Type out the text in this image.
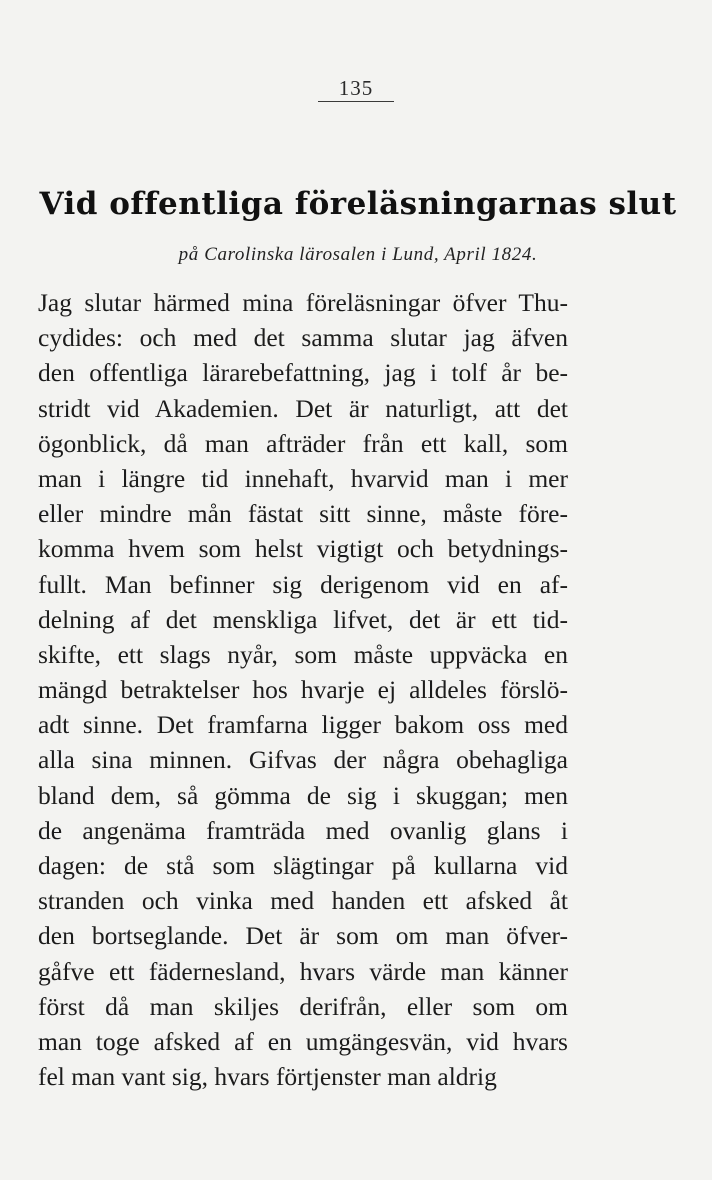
135
Vid offentliga föreläsningarnas slut
på Carolinska lärosalen i Lund, April 1824.
Jag slutar härmed mina föreläsningar öfver Thu-
cydides: och med det samma slutar jag äfven
den offentliga lärarebefattning, jag i tolf år be-
stridt vid Akademien. Det är naturligt, att det
ögonblick, då man afträder från ett kall, som
man i längre tid innehaft, hvarvid man i mer
eller mindre mån fästat sitt sinne, måste före-
komma hvem som helst vigtigt och betydnings-
fullt. Man befinner sig derigenom vid en af-
delning af det menskliga lifvet, det är ett tid-
skifte, ett slags nyår, som måste uppväcka en
mängd betraktelser hos hvarje ej alldeles förslö-
adt sinne. Det framfarna ligger bakom oss med
alla sina minnen. Gifvas der några obehagliga
bland dem, så gömma de sig i skuggan; men
de angenäma framträda med ovanlig glans i
dagen: de stå som slägtingar på kullarna vid
stranden och vinka med handen ett afsked åt
den bortseglande. Det är som om man öfver-
gåfve ett fädernesland, hvars värde man känner
först då man skiljes derifrån, eller som om
man toge afsked af en umgängesvän, vid hvars
fel man vant sig, hvars förtjenster man aldrig
